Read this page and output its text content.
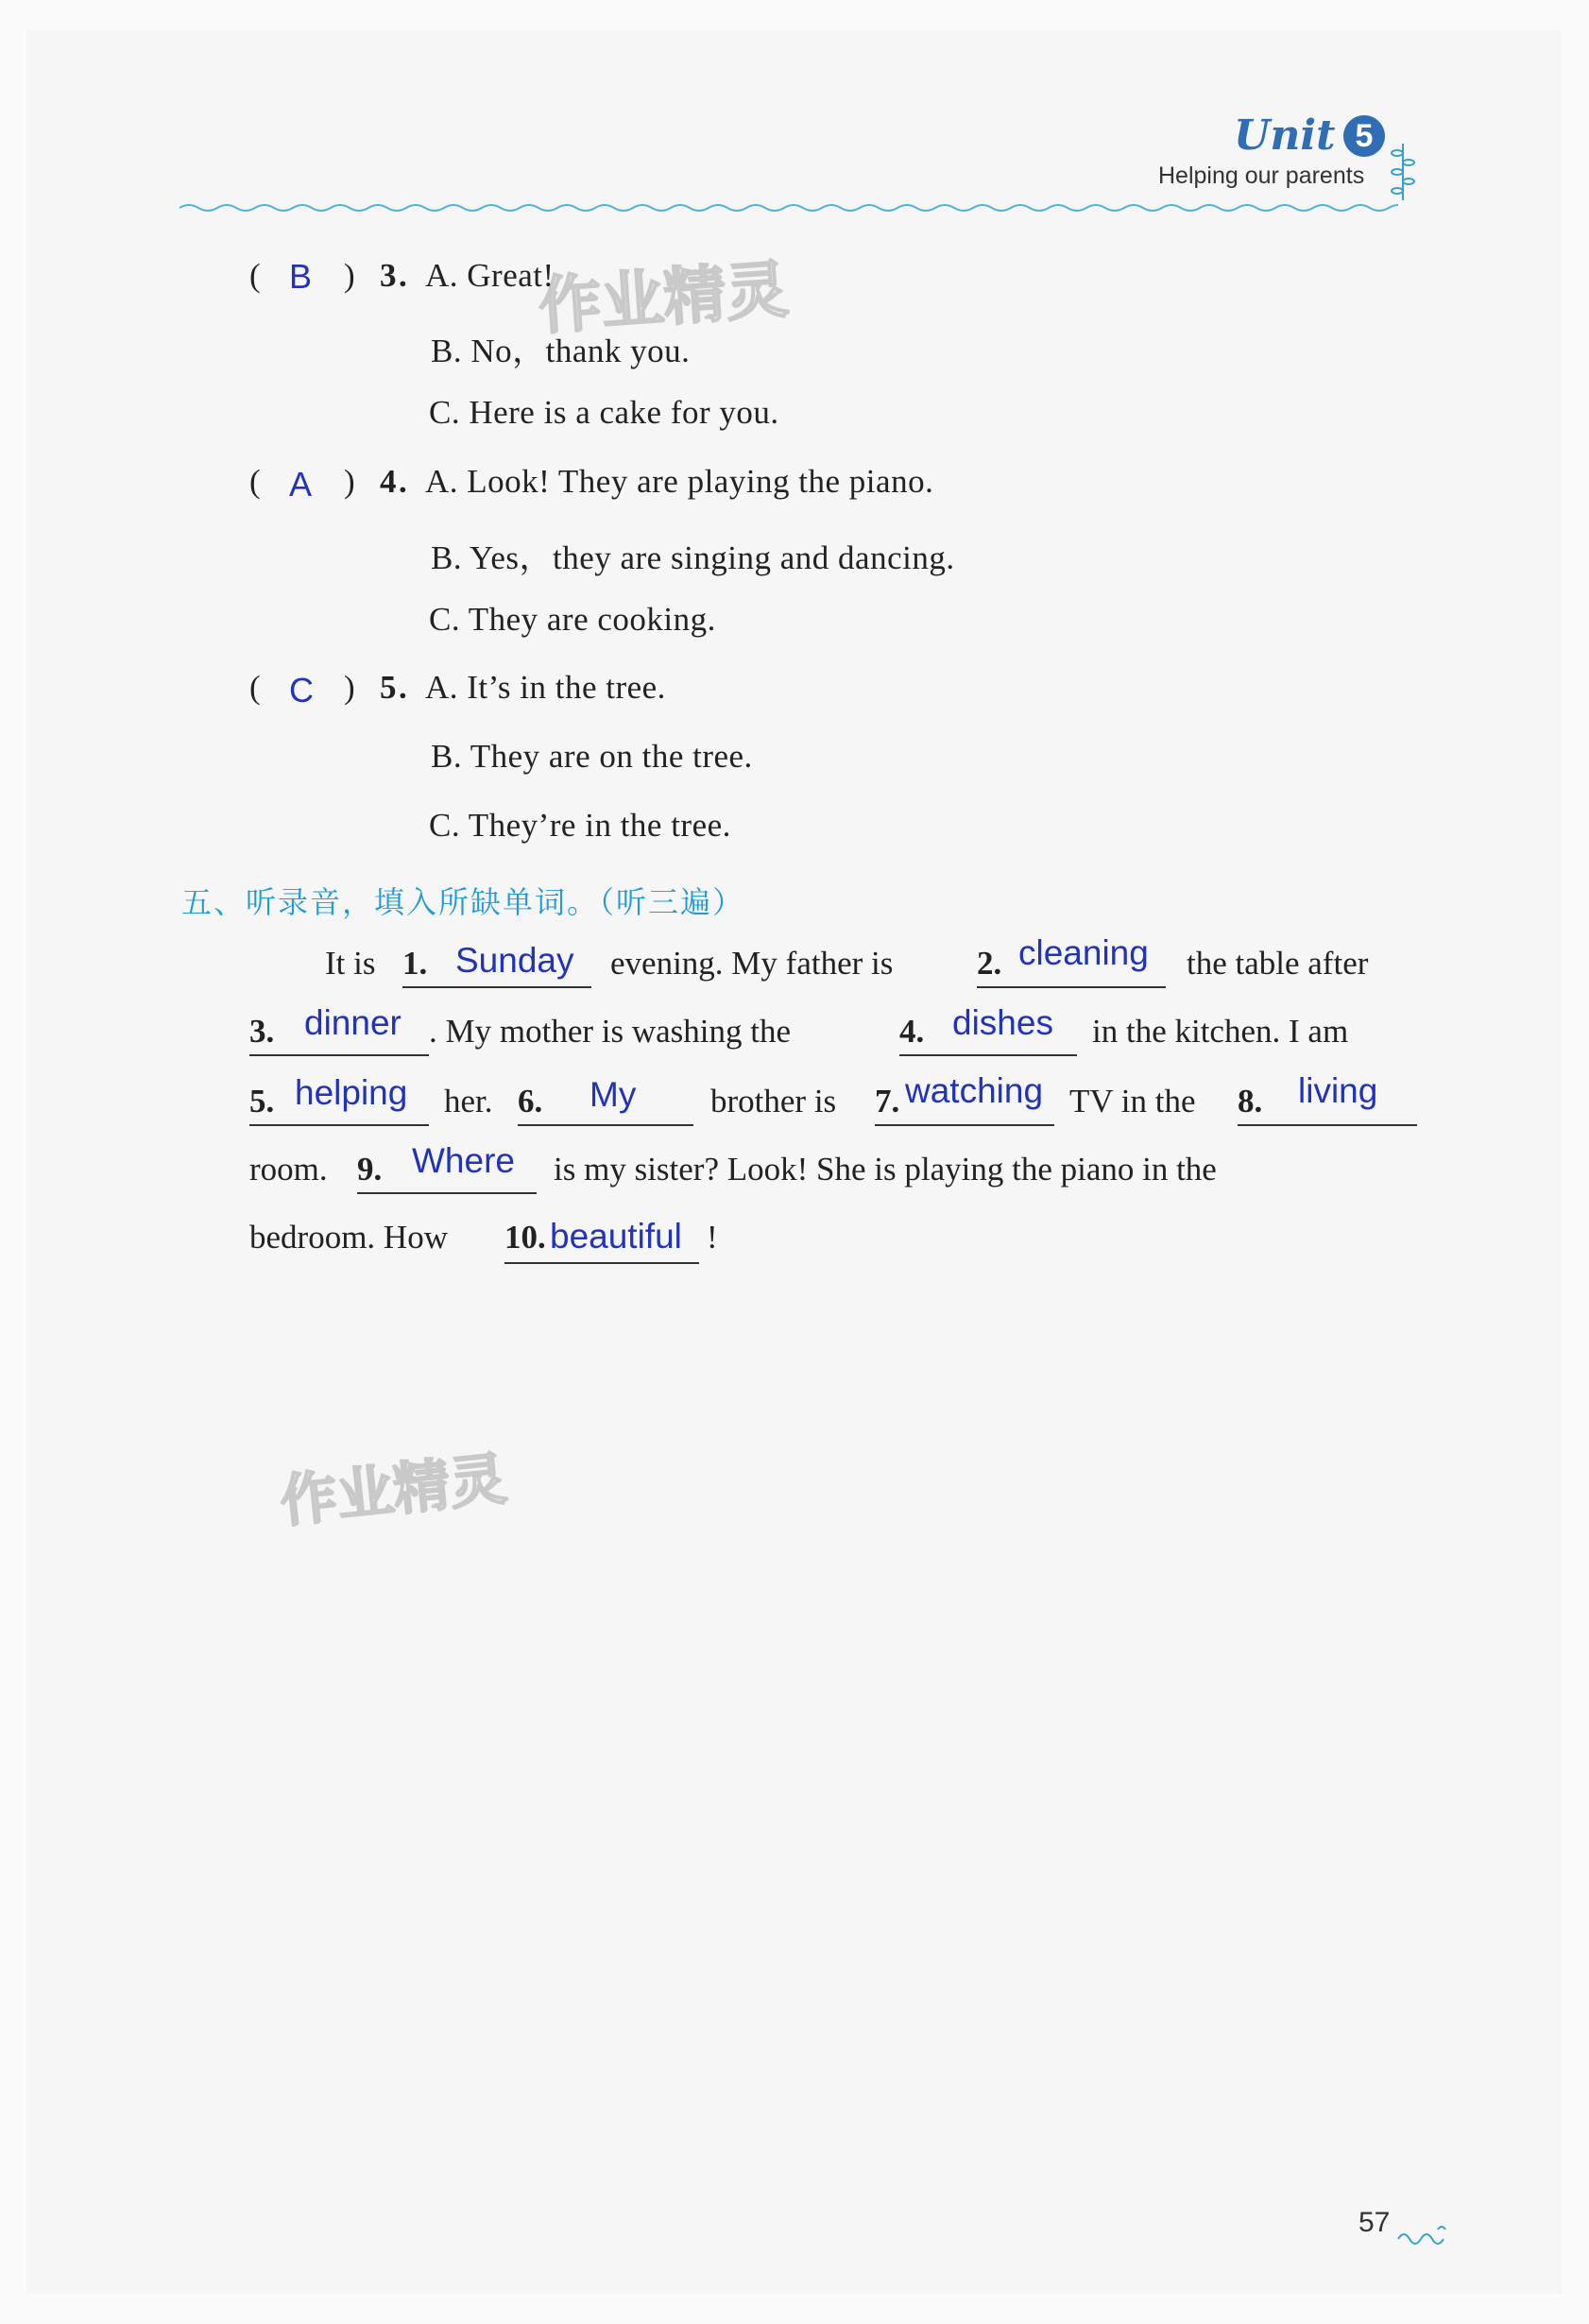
Unit 5
Helping our parents
作业精灵
作业精灵
( B ) 3 . A. Great!
B. No，thank you.
C. Here is a cake for you.
( A ) 4 . A. Look! They are playing the piano.
B. Yes，they are singing and dancing.
C. They are cooking.
( C ) 5 . A. It’s in the tree.
B. They are on the tree.
C. They’re in the tree.
五、听录音，填入所缺单词。（听三遍）
It is 1. Sunday evening. My father is	2. cleaning the table after
3. dinner . My mother is washing the	4. dishes in the kitchen. I am
5. helping her. 6. My brother is 7. watching TV in the 8. living
room. 9. Where is my sister? Look! She is playing the piano in the
bedroom. How 10. beautiful !
57
